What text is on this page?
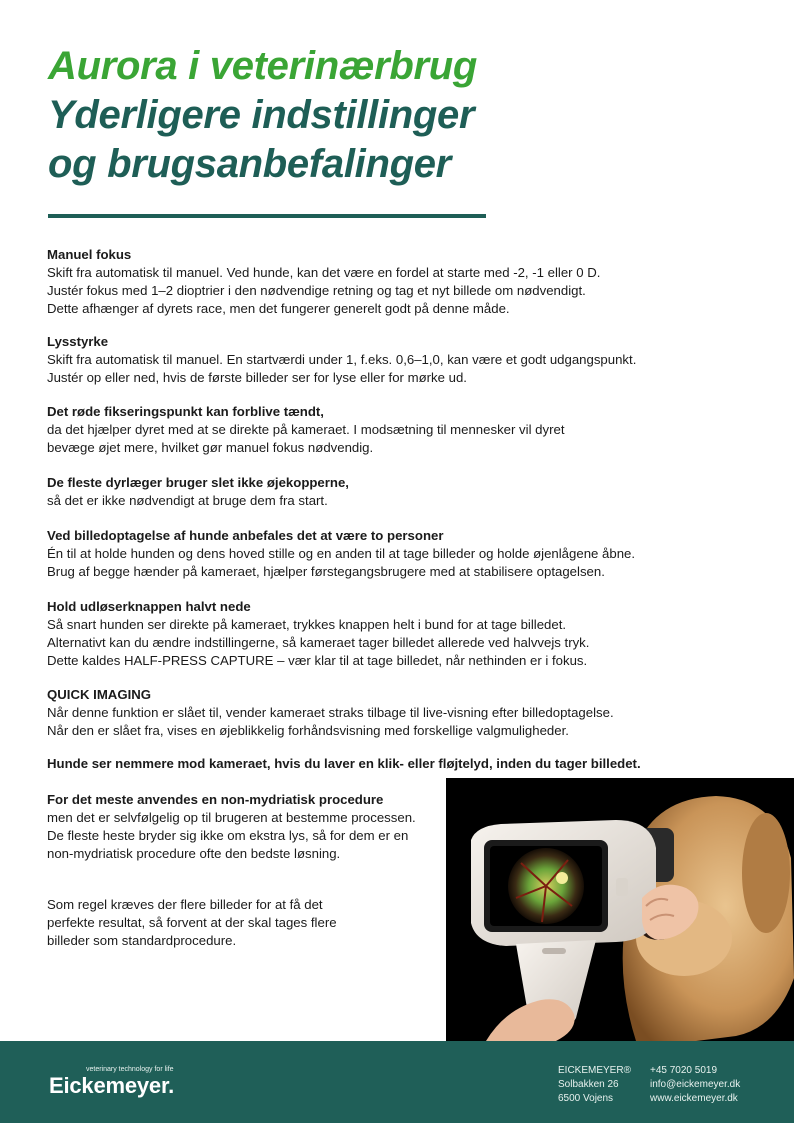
Aurora i veterinærbrug
Yderligere indstillinger
og brugsanbefalinger
Manuel fokus
Skift fra automatisk til manuel. Ved hunde, kan det være en fordel at starte med -2, -1 eller 0 D.
Justér fokus med 1–2 dioptrier i den nødvendige retning og tag et nyt billede om nødvendigt.
Dette afhænger af dyrets race, men det fungerer generelt godt på denne måde.
Lysstyrke
Skift fra automatisk til manuel. En startværdi under 1, f.eks. 0,6–1,0, kan være et godt udgangspunkt.
Justér op eller ned, hvis de første billeder ser for lyse eller for mørke ud.
Det røde fikseringspunkt kan forblive tændt,
da det hjælper dyret med at se direkte på kameraet. I modsætning til mennesker vil dyret
bevæge øjet mere, hvilket gør manuel fokus nødvendig.
De fleste dyrlæger bruger slet ikke øjekopperne,
så det er ikke nødvendigt at bruge dem fra start.
Ved billedoptagelse af hunde anbefales det at være to personer
Én til at holde hunden og dens hoved stille og en anden til at tage billeder og holde øjenlågene åbne.
Brug af begge hænder på kameraet, hjælper førstegangsbrugere med at stabilisere optagelsen.
Hold udløserknappen halvt nede
Så snart hunden ser direkte på kameraet, trykkes knappen helt i bund for at tage billedet.
Alternativt kan du ændre indstillingerne, så kameraet tager billedet allerede ved halvvejs tryk.
Dette kaldes HALF-PRESS CAPTURE – vær klar til at tage billedet, når nethinden er i fokus.
QUICK IMAGING
Når denne funktion er slået til, vender kameraet straks tilbage til live-visning efter billedoptagelse.
Når den er slået fra, vises en øjeblikkelig forhåndsvisning med forskellige valgmuligheder.
Hunde ser nemmere mod kameraet, hvis du laver en klik- eller fløjtelyd, inden du tager billedet.
For det meste anvendes en non-mydriatisk procedure
men det er selvfølgelig op til brugeren at bestemme processen.
De fleste heste bryder sig ikke om ekstra lys, så for dem er en
non-mydriatisk procedure ofte den bedste løsning.
Som regel kræves der flere billeder for at få det
perfekte resultat, så forvent at der skal tages flere
billeder som standardprocedure.
veterinary technology for life
Eickemeyer.
EICKEMEYER®
Solbakken 26
6500 Vojens
+45 7020 5019
info@eickemeyer.dk
www.eickemeyer.dk
